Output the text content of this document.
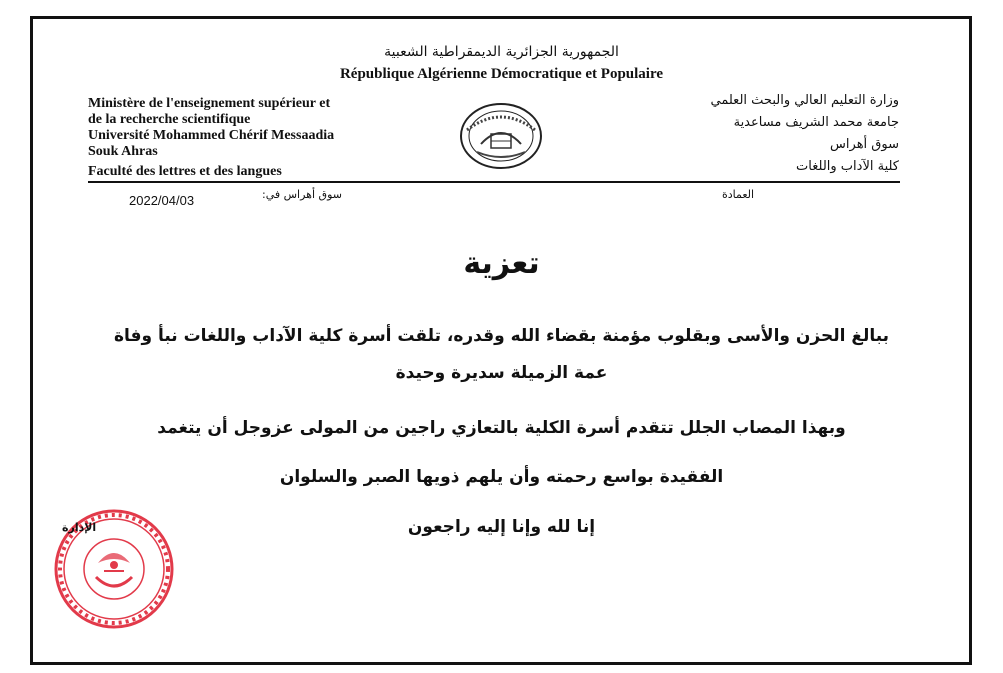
الجمهورية الجزائرية الديمقراطية الشعبية
République Algérienne Démocratique et Populaire
Ministère de l'enseignement supérieur et
de la recherche scientifique
Université Mohammed Chérif Messaadia
Souk Ahras
Faculté des lettres et des langues
وزارة التعليم العالي والبحث العلمي
جامعة محمد الشريف مساعدية
سوق أهراس
كلية الآداب واللغات
2022/04/03	سوق أهراس في:	العمادة
تعزية
ببالغ الحزن والأسى وبقلوب مؤمنة بقضاء الله وقدره، تلقت أسرة كلية الآداب واللغات نبأ وفاة
عمة الزميلة سديرة وحيدة
وبهذا المصاب الجلل تتقدم أسرة الكلية بالتعازي راجين من المولى عزوجل أن يتغمد
الفقيدة بواسع رحمته وأن يلهم ذويها الصبر والسلوان
إنا لله وإنا إليه راجعون
الإدارة
